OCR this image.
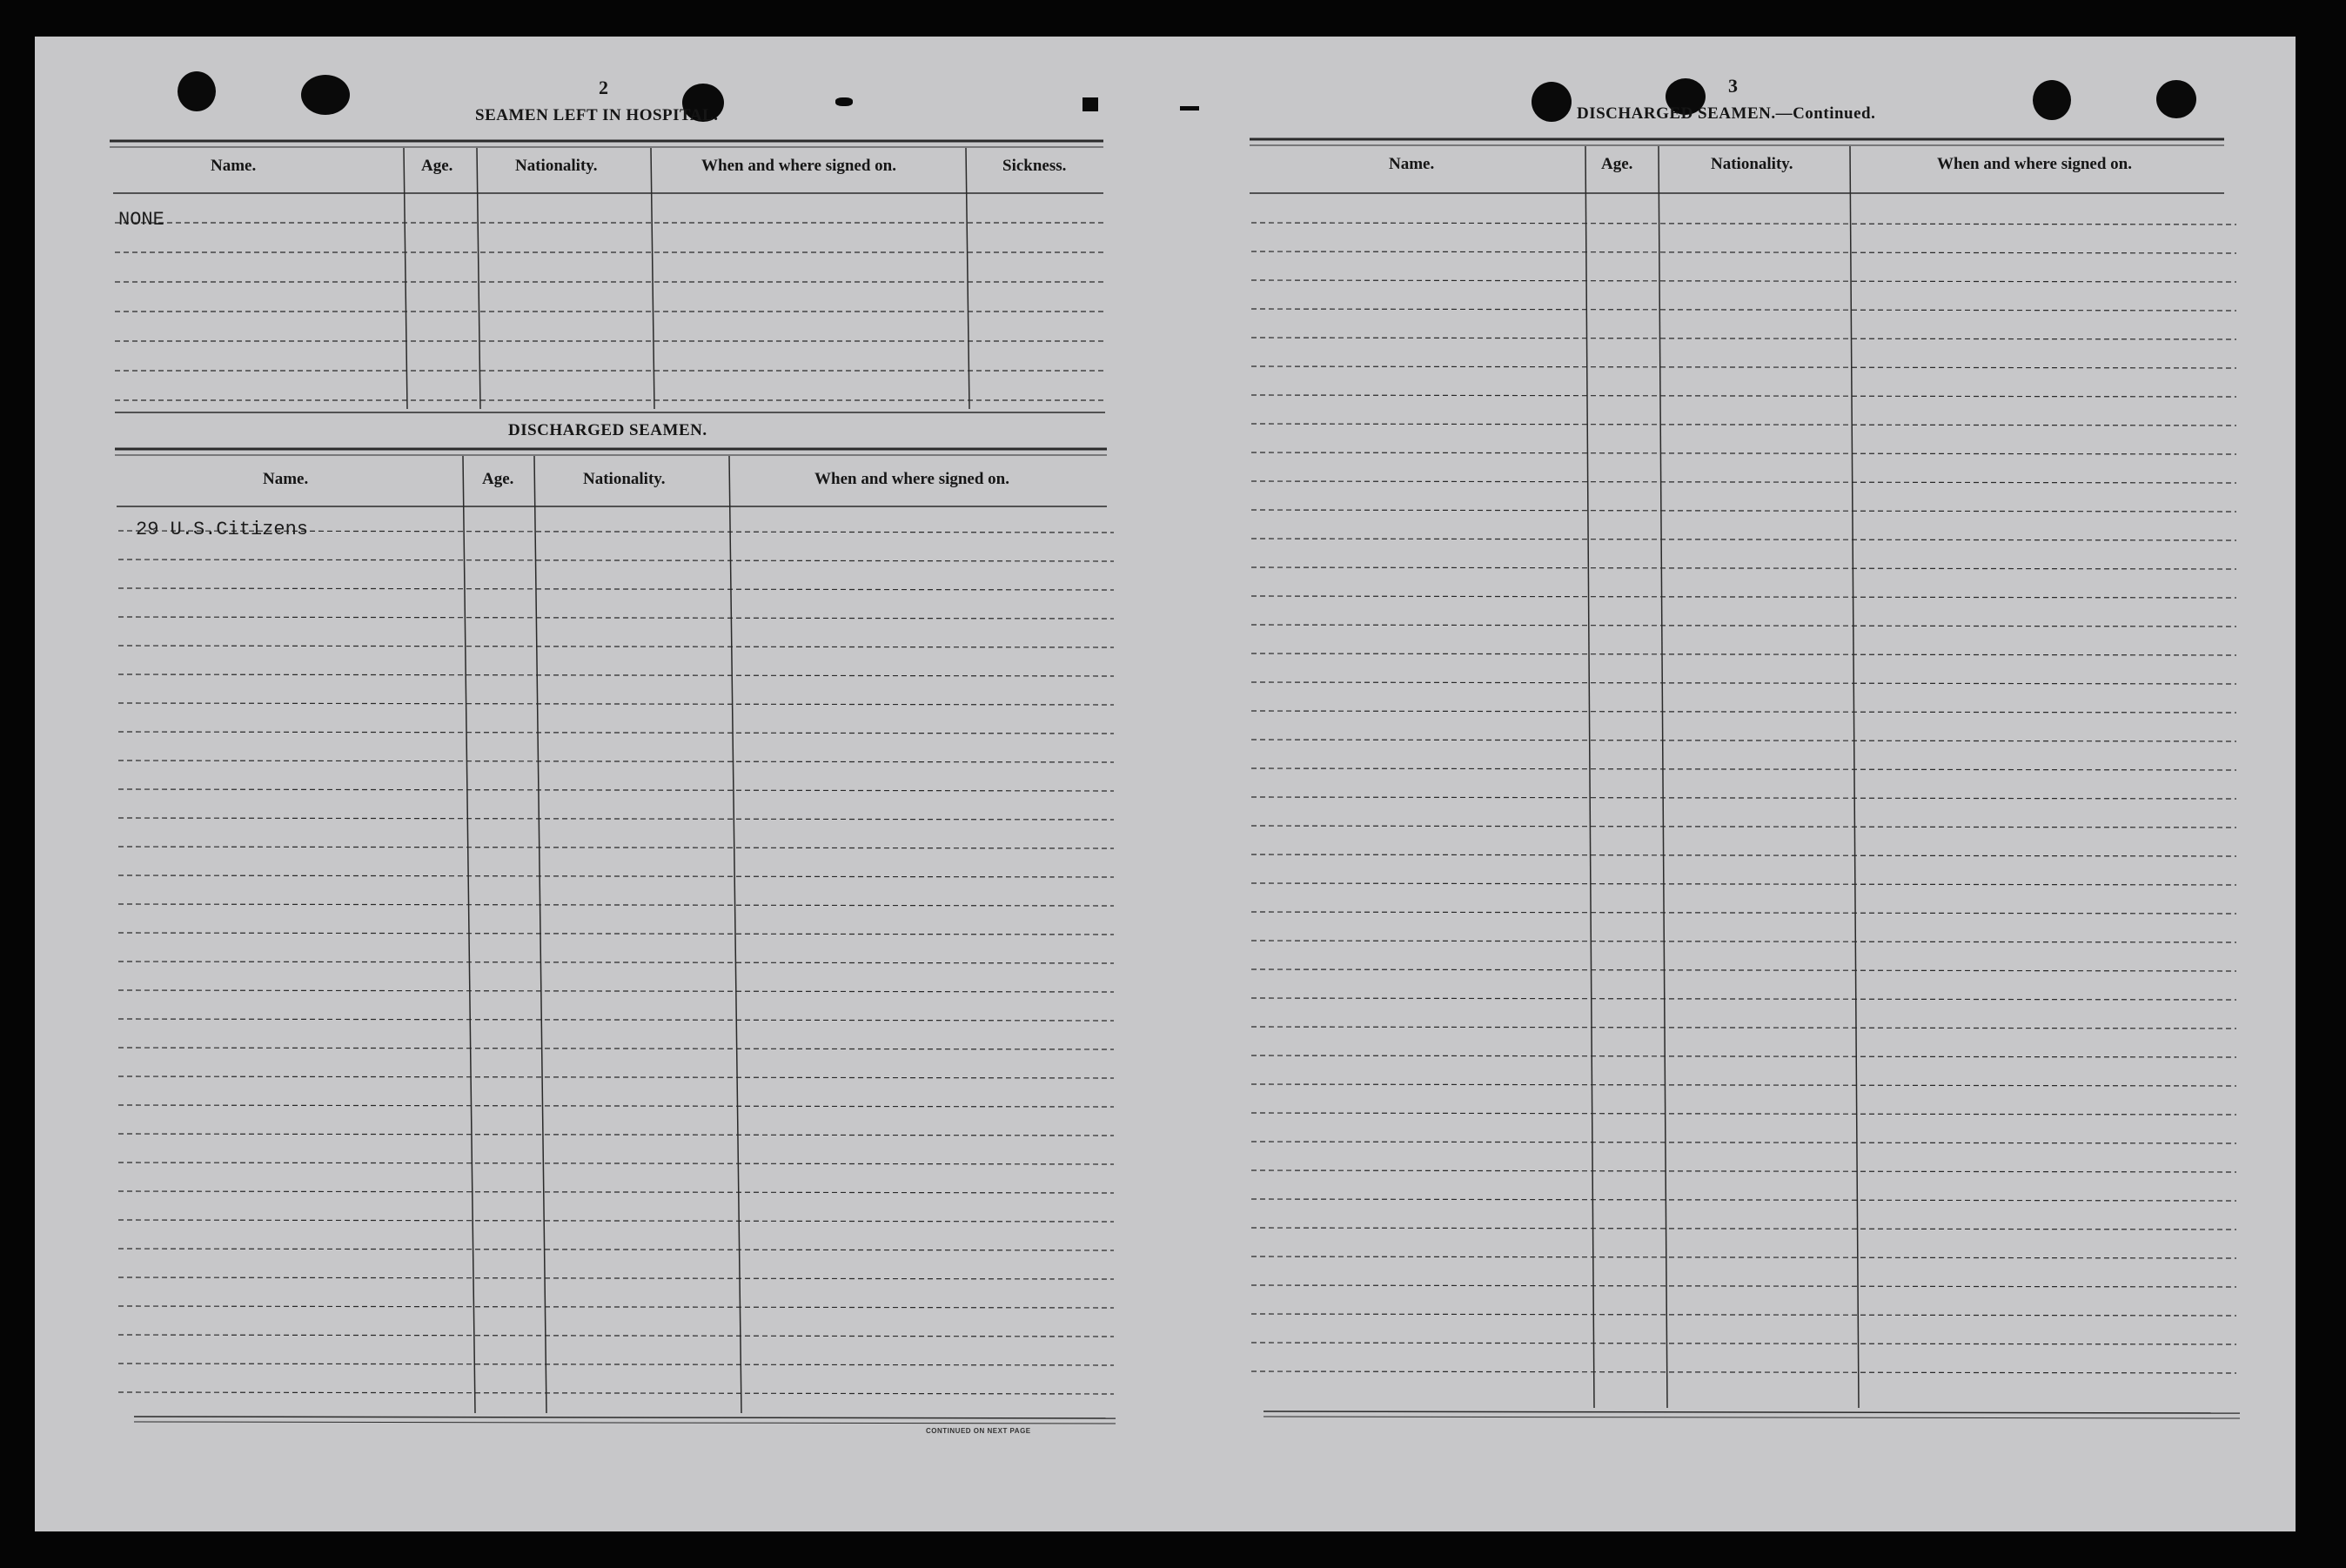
2
SEAMEN LEFT IN HOSPITAL.
Name.	Age.	Nationality.	When and where signed on.	Sickness.
NONE
DISCHARGED SEAMEN.
Name.	Age.	Nationality.	When and where signed on.
29 U.S.Citizens
CONTINUED ON NEXT PAGE
3
DISCHARGED SEAMEN.—Continued.
Name.	Age.	Nationality.	When and where signed on.
